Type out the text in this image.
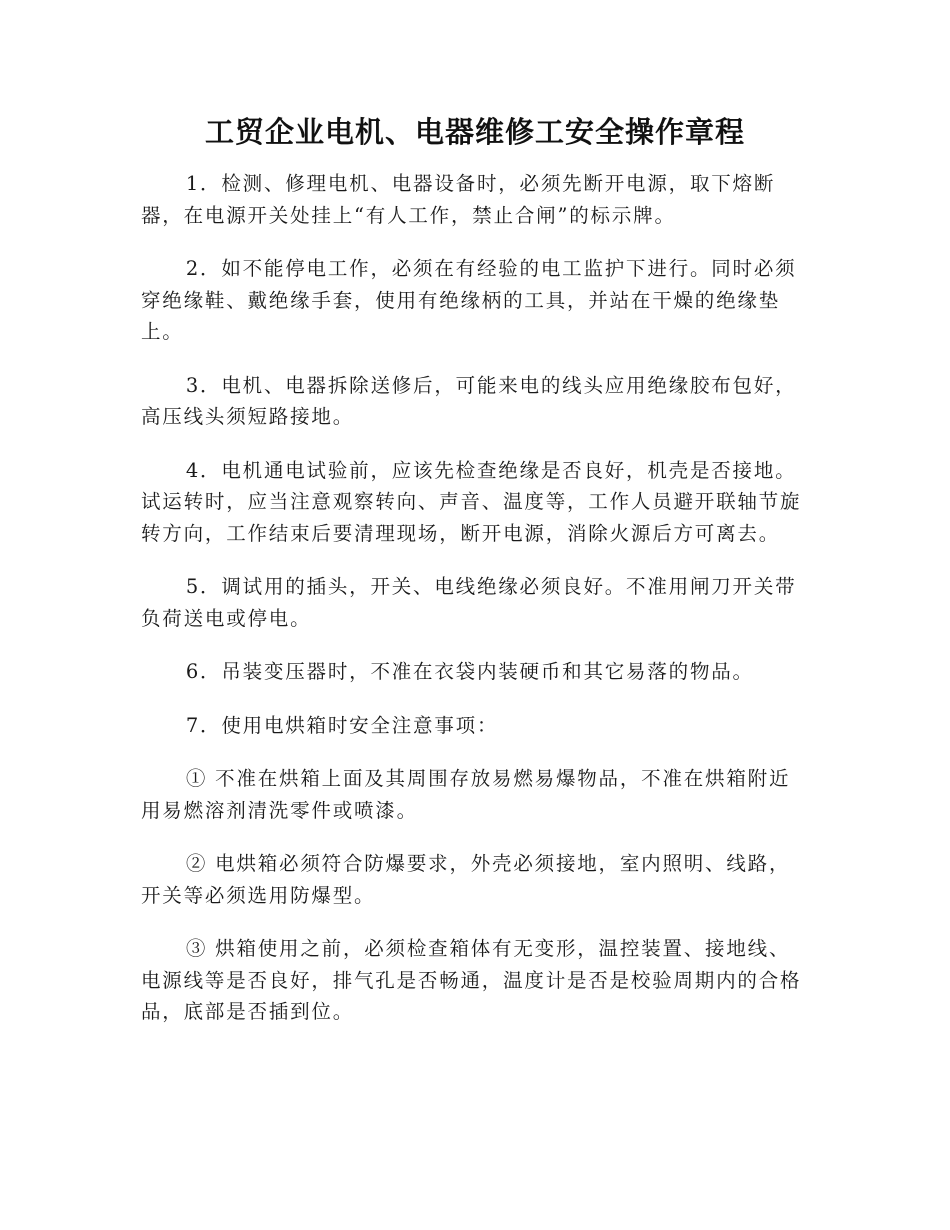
工贸企业电机、电器维修工安全操作章程

1．检测、修理电机、电器设备时，必须先断开电源，取下熔断器，在电源开关处挂上“有人工作，禁止合闸”的标示牌。

2．如不能停电工作，必须在有经验的电工监护下进行。同时必须穿绝缘鞋、戴绝缘手套，使用有绝缘柄的工具，并站在干燥的绝缘垫上。

3．电机、电器拆除送修后，可能来电的线头应用绝缘胶布包好，高压线头须短路接地。

4．电机通电试验前，应该先检查绝缘是否良好，机壳是否接地。试运转时，应当注意观察转向、声音、温度等，工作人员避开联轴节旋转方向，工作结束后要清理现场，断开电源，消除火源后方可离去。

5．调试用的插头，开关、电线绝缘必须良好。不准用闸刀开关带负荷送电或停电。

6．吊装变压器时，不准在衣袋内装硬币和其它易落的物品。

7．使用电烘箱时安全注意事项：

① 不准在烘箱上面及其周围存放易燃易爆物品，不准在烘箱附近用易燃溶剂清洗零件或喷漆。

② 电烘箱必须符合防爆要求，外壳必须接地，室内照明、线路，开关等必须选用防爆型。

③ 烘箱使用之前，必须检查箱体有无变形，温控装置、接地线、电源线等是否良好，排气孔是否畅通，温度计是否是校验周期内的合格品，底部是否插到位。
